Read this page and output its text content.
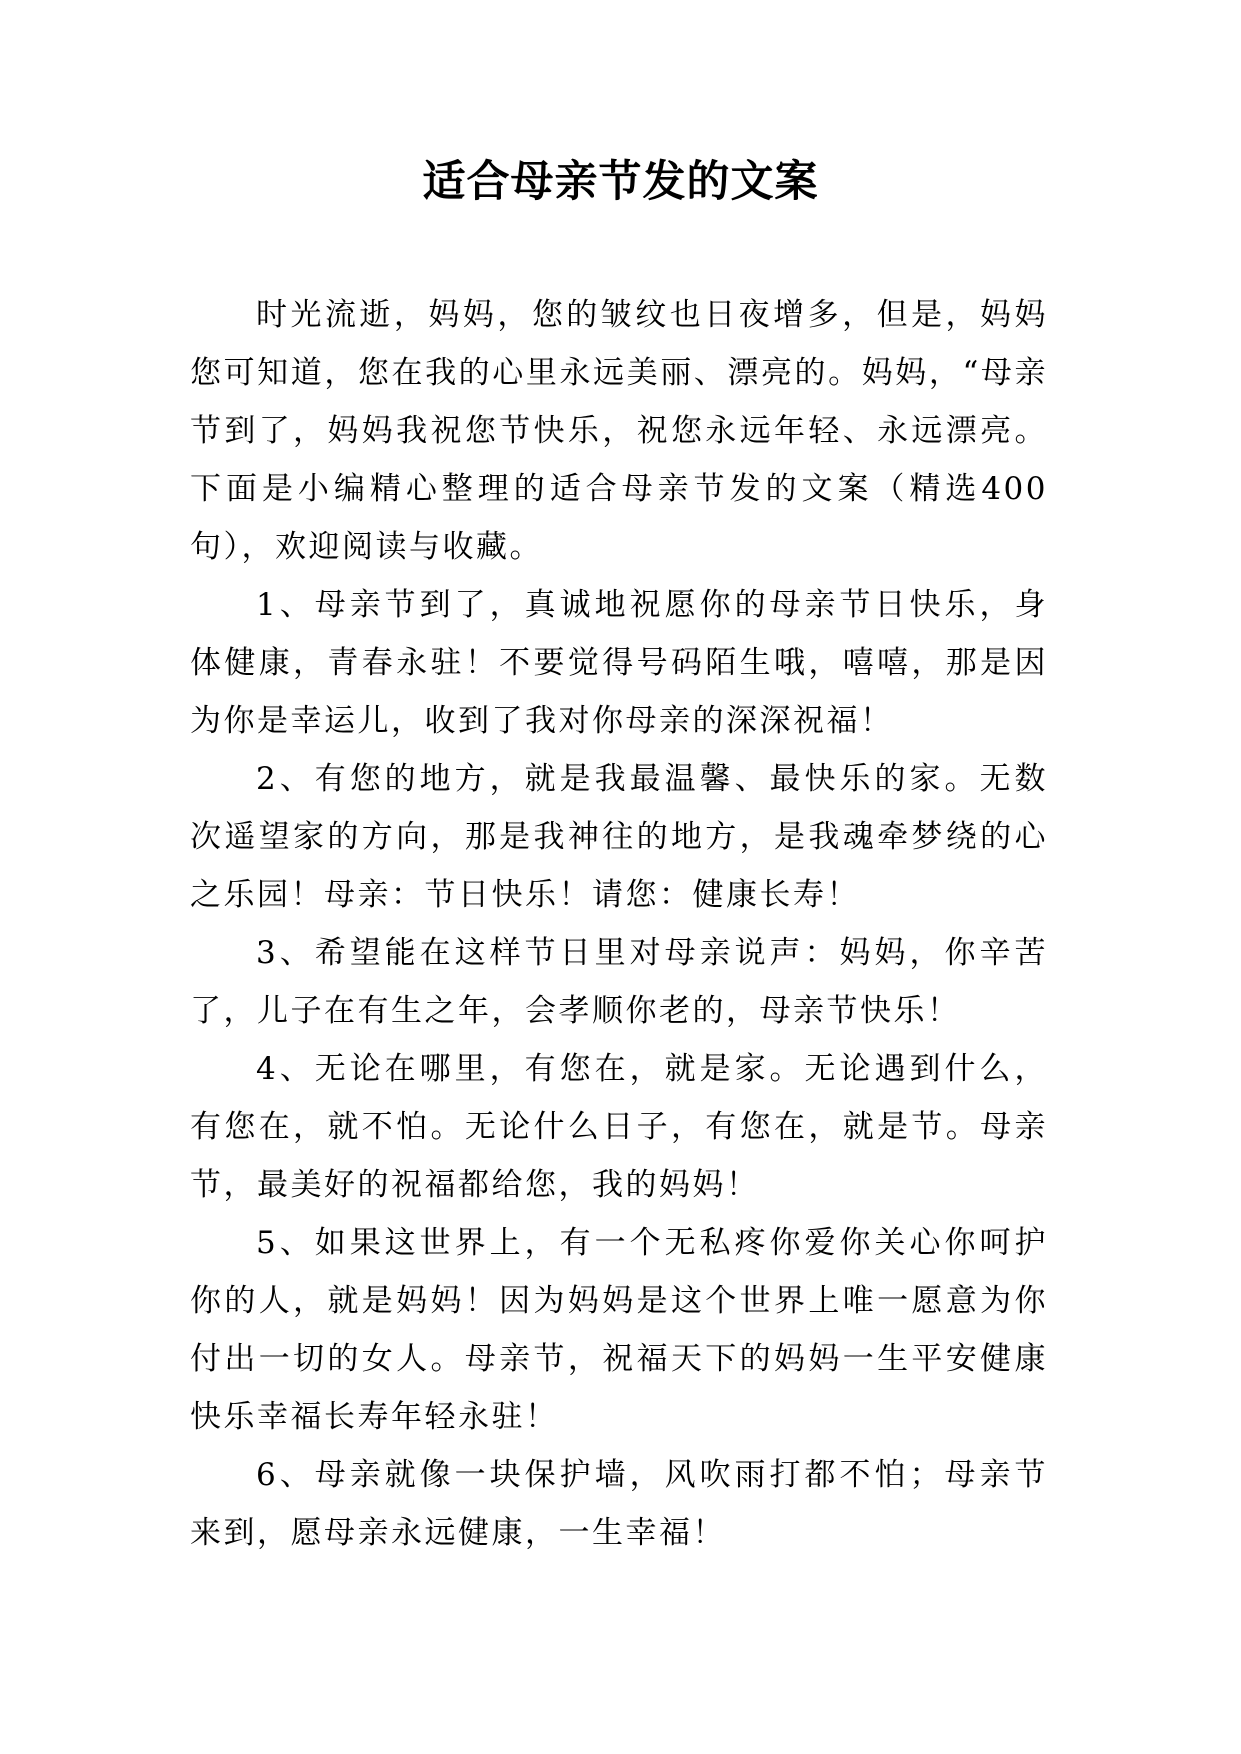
适合母亲节发的文案

时光流逝，妈妈，您的皱纹也日夜增多，但是，妈妈您可知道，您在我的心里永远美丽、漂亮的。妈妈，“母亲节到了，妈妈我祝您节快乐，祝您永远年轻、永远漂亮。下面是小编精心整理的适合母亲节发的文案（精选400句），欢迎阅读与收藏。

1、母亲节到了，真诚地祝愿你的母亲节日快乐，身体健康，青春永驻！不要觉得号码陌生哦，嘻嘻，那是因为你是幸运儿，收到了我对你母亲的深深祝福！

2、有您的地方，就是我最温馨、最快乐的家。无数次遥望家的方向，那是我神往的地方，是我魂牵梦绕的心之乐园！母亲：节日快乐！请您：健康长寿！

3、希望能在这样节日里对母亲说声：妈妈，你辛苦了，儿子在有生之年，会孝顺你老的，母亲节快乐！

4、无论在哪里，有您在，就是家。无论遇到什么，有您在，就不怕。无论什么日子，有您在，就是节。母亲节，最美好的祝福都给您，我的妈妈！

5、如果这世界上，有一个无私疼你爱你关心你呵护你的人，就是妈妈！因为妈妈是这个世界上唯一愿意为你付出一切的女人。母亲节，祝福天下的妈妈一生平安健康快乐幸福长寿年轻永驻！

6、母亲就像一块保护墙，风吹雨打都不怕；母亲节来到，愿母亲永远健康，一生幸福！
